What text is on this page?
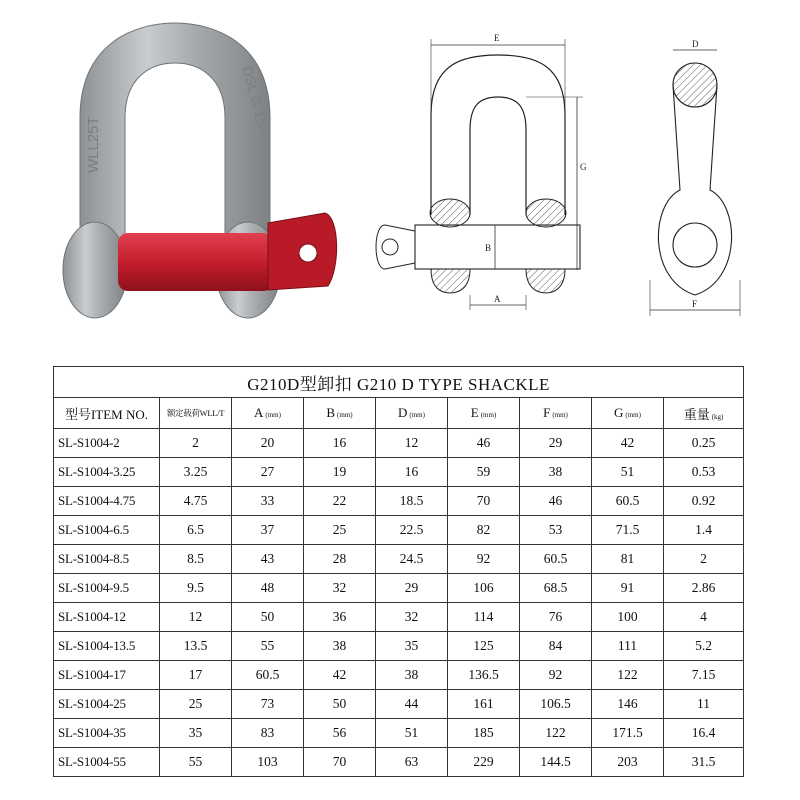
WLL25T
DSL G 13/4
E
G
B
A
D
F
G210D型卸扣 G210 D TYPE SHACKLE								
型号ITEM NO.	额定载荷WLL/T	A (mm)	B (mm)	D (mm)	E (mm)	F (mm)	G (mm)	重量 (kg)
SL-S1004-2	2	20	16	12	46	29	42	0.25
SL-S1004-3.25	3.25	27	19	16	59	38	51	0.53
SL-S1004-4.75	4.75	33	22	18.5	70	46	60.5	0.92
SL-S1004-6.5	6.5	37	25	22.5	82	53	71.5	1.4
SL-S1004-8.5	8.5	43	28	24.5	92	60.5	81	2
SL-S1004-9.5	9.5	48	32	29	106	68.5	91	2.86
SL-S1004-12	12	50	36	32	114	76	100	4
SL-S1004-13.5	13.5	55	38	35	125	84	111	5.2
SL-S1004-17	17	60.5	42	38	136.5	92	122	7.15
SL-S1004-25	25	73	50	44	161	106.5	146	11
SL-S1004-35	35	83	56	51	185	122	171.5	16.4
SL-S1004-55	55	103	70	63	229	144.5	203	31.5
